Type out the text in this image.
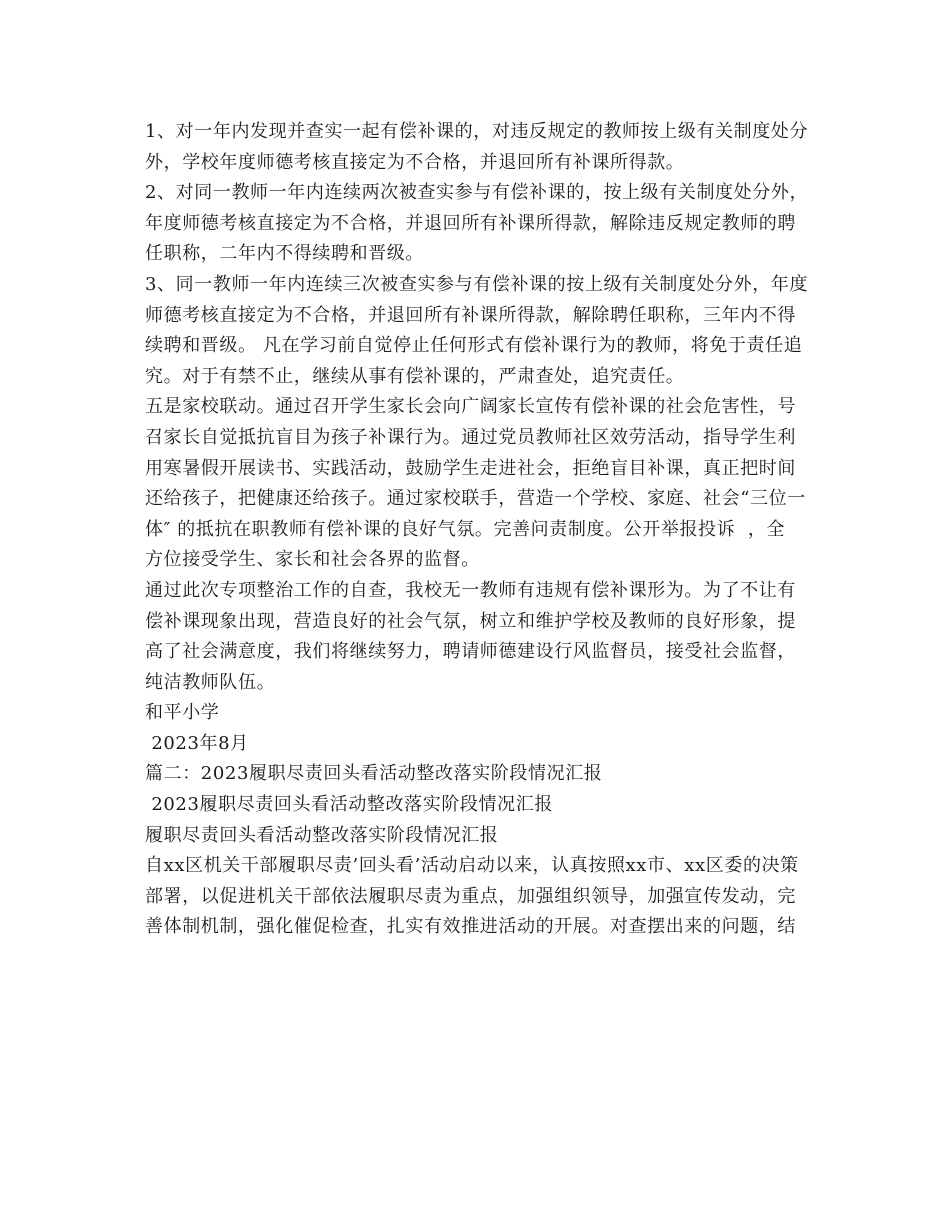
1、对一年内发现并查实一起有偿补课的，对违反规定的教师按上级有关制度处分
外，学校年度师德考核直接定为不合格，并退回所有补课所得款。
2、对同一教师一年内连续两次被查实参与有偿补课的，按上级有关制度处分外，
年度师德考核直接定为不合格，并退回所有补课所得款，解除违反规定教师的聘
任职称，二年内不得续聘和晋级。
3、同一教师一年内连续三次被查实参与有偿补课的按上级有关制度处分外，年度
师德考核直接定为不合格，并退回所有补课所得款，解除聘任职称，三年内不得
续聘和晋级。 凡在学习前自觉停止任何形式有偿补课行为的教师，将免于责任追
究。对于有禁不止，继续从事有偿补课的，严肃查处，追究责任。
五是家校联动。通过召开学生家长会向广阔家长宣传有偿补课的社会危害性，号
召家长自觉抵抗盲目为孩子补课行为。通过党员教师社区效劳活动，指导学生利
用寒暑假开展读书、实践活动，鼓励学生走进社会，拒绝盲目补课，真正把时间
还给孩子，把健康还给孩子。通过家校联手，营造一个学校、家庭、社会“三位一
体″ 的抵抗在职教师有偿补课的良好气氛。完善问责制度。公开举报投诉  ，全
方位接受学生、家长和社会各界的监督。
通过此次专项整治工作的自查，我校无一教师有违规有偿补课形为。为了不让有
偿补课现象出现，营造良好的社会气氛，树立和维护学校及教师的良好形象，提
高了社会满意度，我们将继续努力，聘请师德建设行风监督员，接受社会监督，
纯洁教师队伍。
和平小学
2023年8月
篇二：2023履职尽责回头看活动整改落实阶段情况汇报
2023履职尽责回头看活动整改落实阶段情况汇报
履职尽责回头看活动整改落实阶段情况汇报
自xx区机关干部履职尽责’回头看’活动启动以来，认真按照xx市、xx区委的决策
部署，以促进机关干部依法履职尽责为重点，加强组织领导，加强宣传发动，完
善体制机制，强化催促检查，扎实有效推进活动的开展。对查摆出来的问题，结
